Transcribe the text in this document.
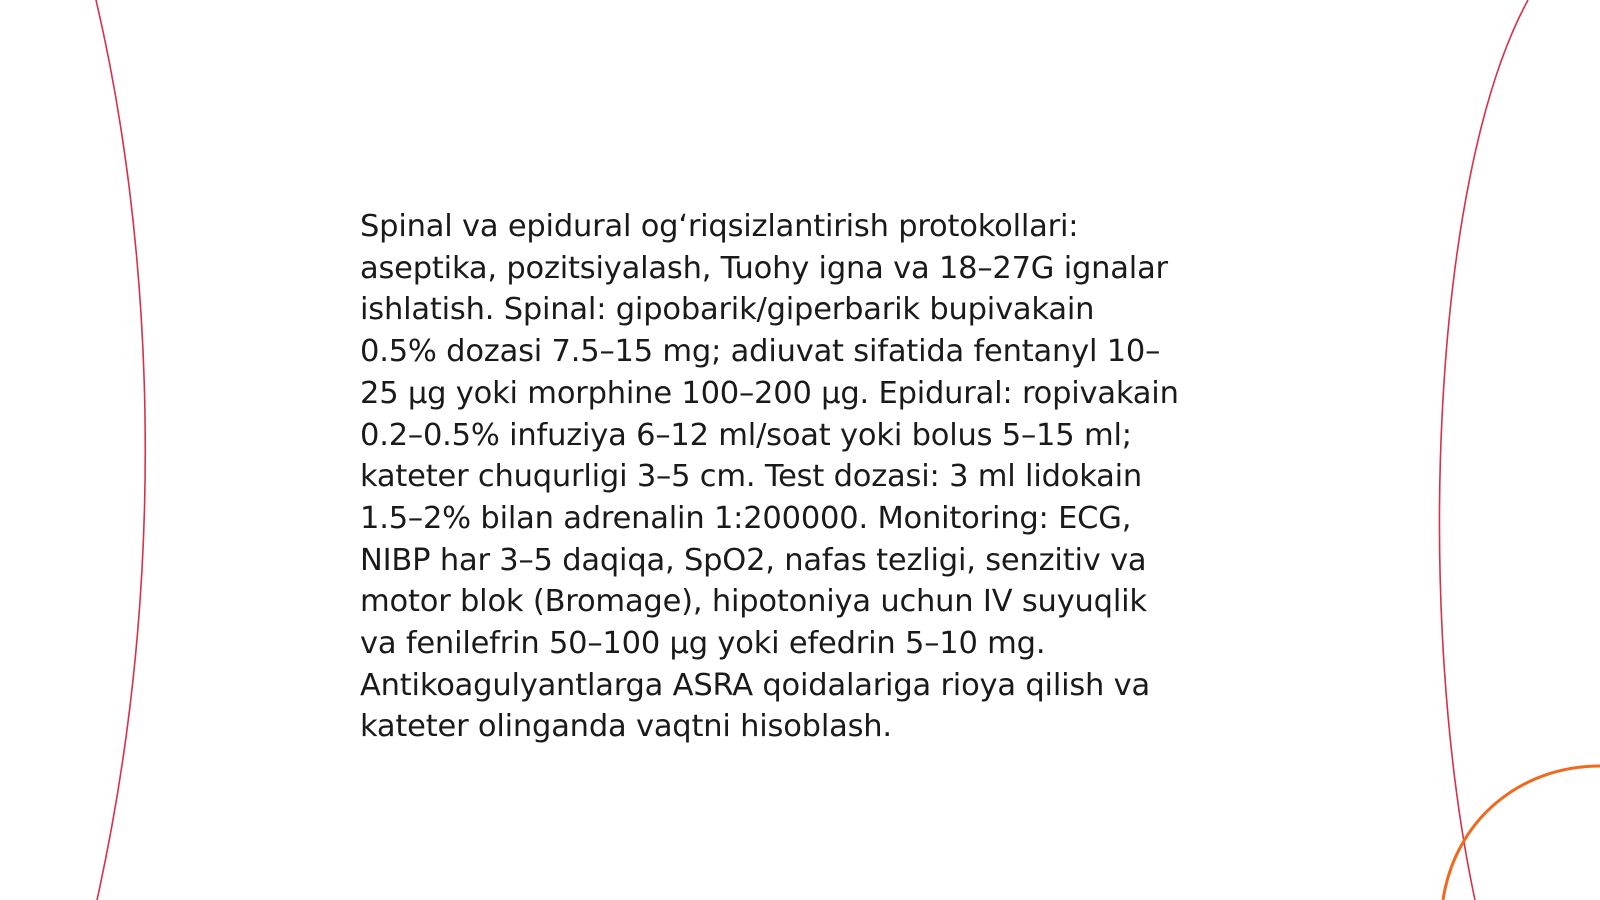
Spinal va epidural og‘riqsizlantirish protokollari:
aseptika, pozitsiyalash, Tuohy igna va 18–27G ignalar
ishlatish. Spinal: gipobarik/giperbarik bupivakain
0.5% dozasi 7.5–15 mg; adiuvat sifatida fentanyl 10–
25 µg yoki morphine 100–200 µg. Epidural: ropivakain
0.2–0.5% infuziya 6–12 ml/soat yoki bolus 5–15 ml;
kateter chuqurligi 3–5 cm. Test dozasi: 3 ml lidokain
1.5–2% bilan adrenalin 1:200000. Monitoring: ECG,
NIBP har 3–5 daqiqa, SpO2, nafas tezligi, senzitiv va
motor blok (Bromage), hipotoniya uchun IV suyuqlik
va fenilefrin 50–100 µg yoki efedrin 5–10 mg.
Antikoagulyantlarga ASRA qoidalariga rioya qilish va
kateter olinganda vaqtni hisoblash.
